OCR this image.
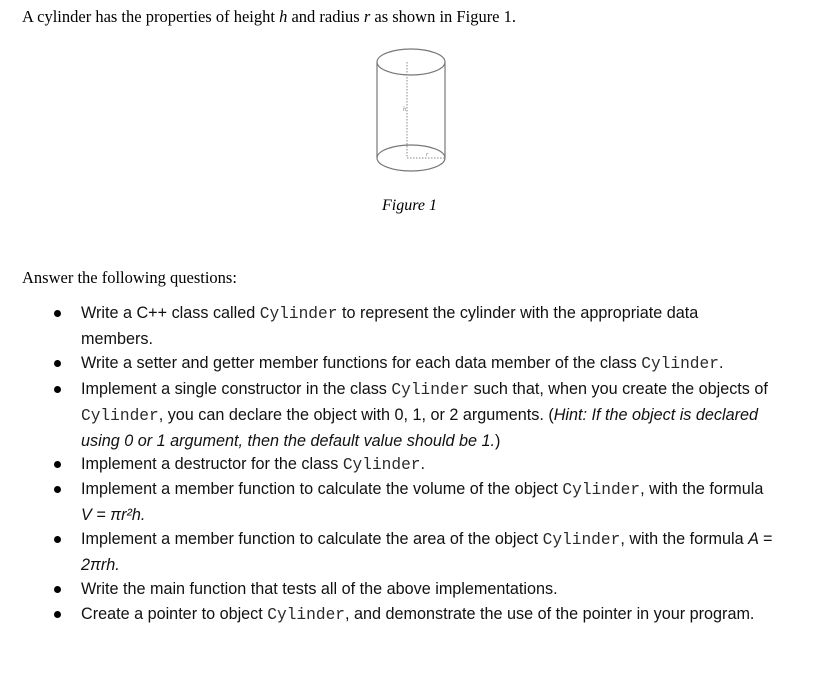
A cylinder has the properties of height h and radius r as shown in Figure 1.
h
r
Figure 1
Answer the following questions:
Write a C++ class called Cylinder to represent the cylinder with the appropriate data members.
Write a setter and getter member functions for each data member of the class Cylinder.
Implement a single constructor in the class Cylinder such that, when you create the objects of Cylinder, you can declare the object with 0, 1, or 2 arguments. (Hint: If the object is declared using 0 or 1 argument, then the default value should be 1.)
Implement a destructor for the class Cylinder.
Implement a member function to calculate the volume of the object Cylinder, with the formula V = πr²h.
Implement a member function to calculate the area of the object Cylinder, with the formula A = 2πrh.
Write the main function that tests all of the above implementations.
Create a pointer to object Cylinder, and demonstrate the use of the pointer in your program.
